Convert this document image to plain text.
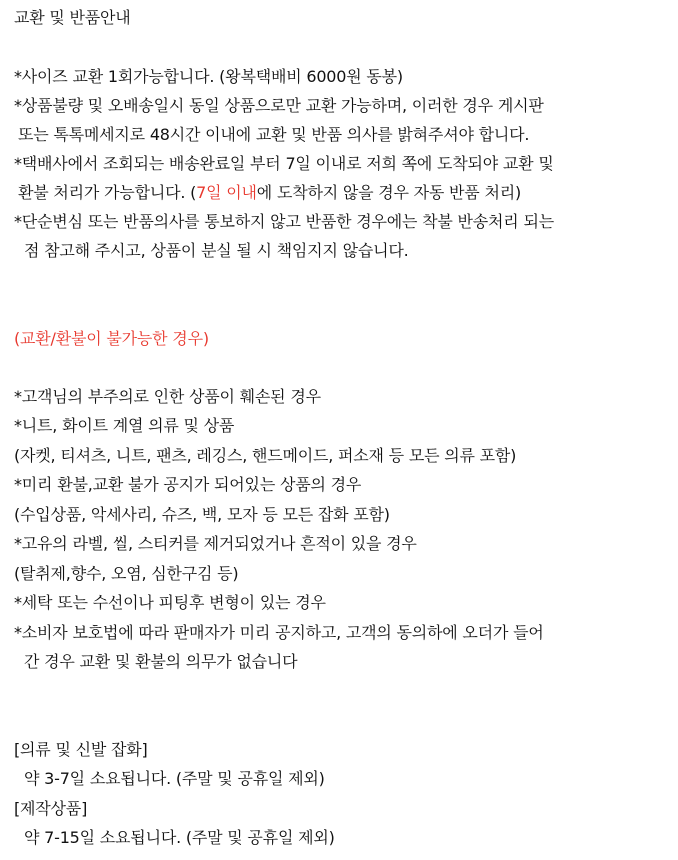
교환 및 반품안내
*사이즈 교환 1회가능합니다. (왕복택배비 6000원 동봉)
*상품불량 및 오배송일시 동일 상품으로만 교환 가능하며, 이러한 경우 게시판
또는 톡톡메세지로 48시간 이내에 교환 및 반품 의사를 밝혀주셔야 합니다.
*택배사에서 조회되는 배송완료일 부터 7일 이내로 저희 쪽에 도착되야 교환 및
환불 처리가 가능합니다. (7일 이내에 도착하지 않을 경우 자동 반품 처리)
*단순변심 또는 반품의사를 통보하지 않고 반품한 경우에는 착불 반송처리 되는
점 참고해 주시고, 상품이 분실 될 시 책임지지 않습니다.
(교환/환불이 불가능한 경우)
*고객님의 부주의로 인한 상품이 훼손된 경우
*니트, 화이트 계열 의류 및 상품
(자켓, 티셔츠, 니트, 팬츠, 레깅스, 핸드메이드, 퍼소재 등 모든 의류 포함)
*미리 환불,교환 불가 공지가 되어있는 상품의 경우
(수입상품, 악세사리, 슈즈, 백, 모자 등 모든 잡화 포함)
*고유의 라벨, 씰, 스티커를 제거되었거나 흔적이 있을 경우
(탈취제,향수, 오염, 심한구김 등)
*세탁 또는 수선이나 피팅후 변형이 있는 경우
*소비자 보호법에 따라 판매자가 미리 공지하고, 고객의 동의하에 오더가 들어
간 경우 교환 및 환불의 의무가 없습니다
[의류 및 신발 잡화]
약 3-7일 소요됩니다. (주말 및 공휴일 제외)
[제작상품]
약 7-15일 소요됩니다. (주말 및 공휴일 제외)
